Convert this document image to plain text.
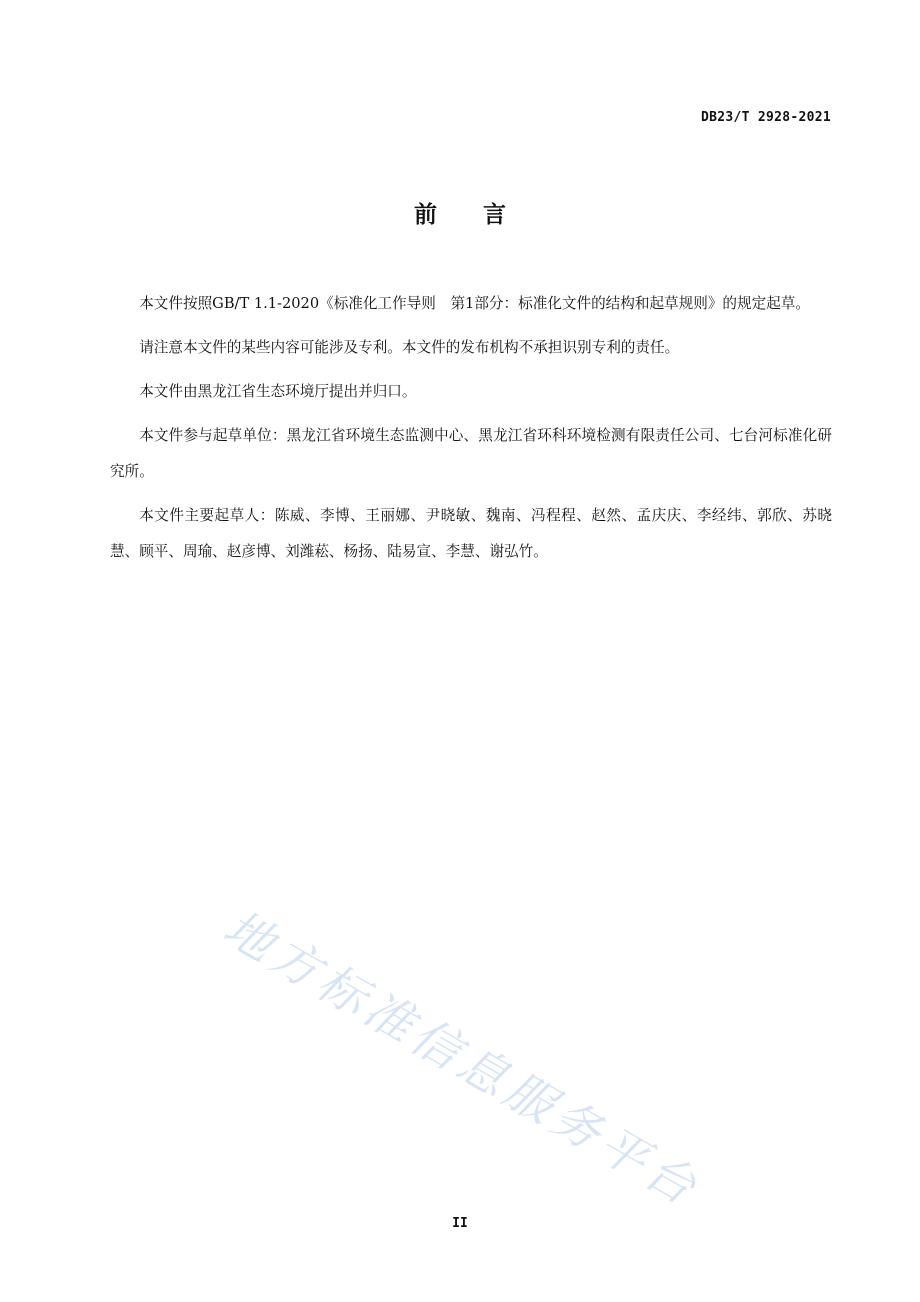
DB23/T 2928-2021
前言

本文件按照GB/T 1.1-2020《标准化工作导则　第1部分：标准化文件的结构和起草规则》的规定起草。

请注意本文件的某些内容可能涉及专利。本文件的发布机构不承担识别专利的责任。

本文件由黑龙江省生态环境厅提出并归口。

本文件参与起草单位：黑龙江省环境生态监测中心、黑龙江省环科环境检测有限责任公司、七台河标准化研究所。

本文件主要起草人：陈威、李博、王丽娜、尹晓敏、魏南、冯程程、赵然、孟庆庆、李经纬、郭欣、苏晓慧、顾平、周瑜、赵彦博、刘潍菘、杨扬、陆易宣、李慧、谢弘竹。

地方标准信息服务平台
II
